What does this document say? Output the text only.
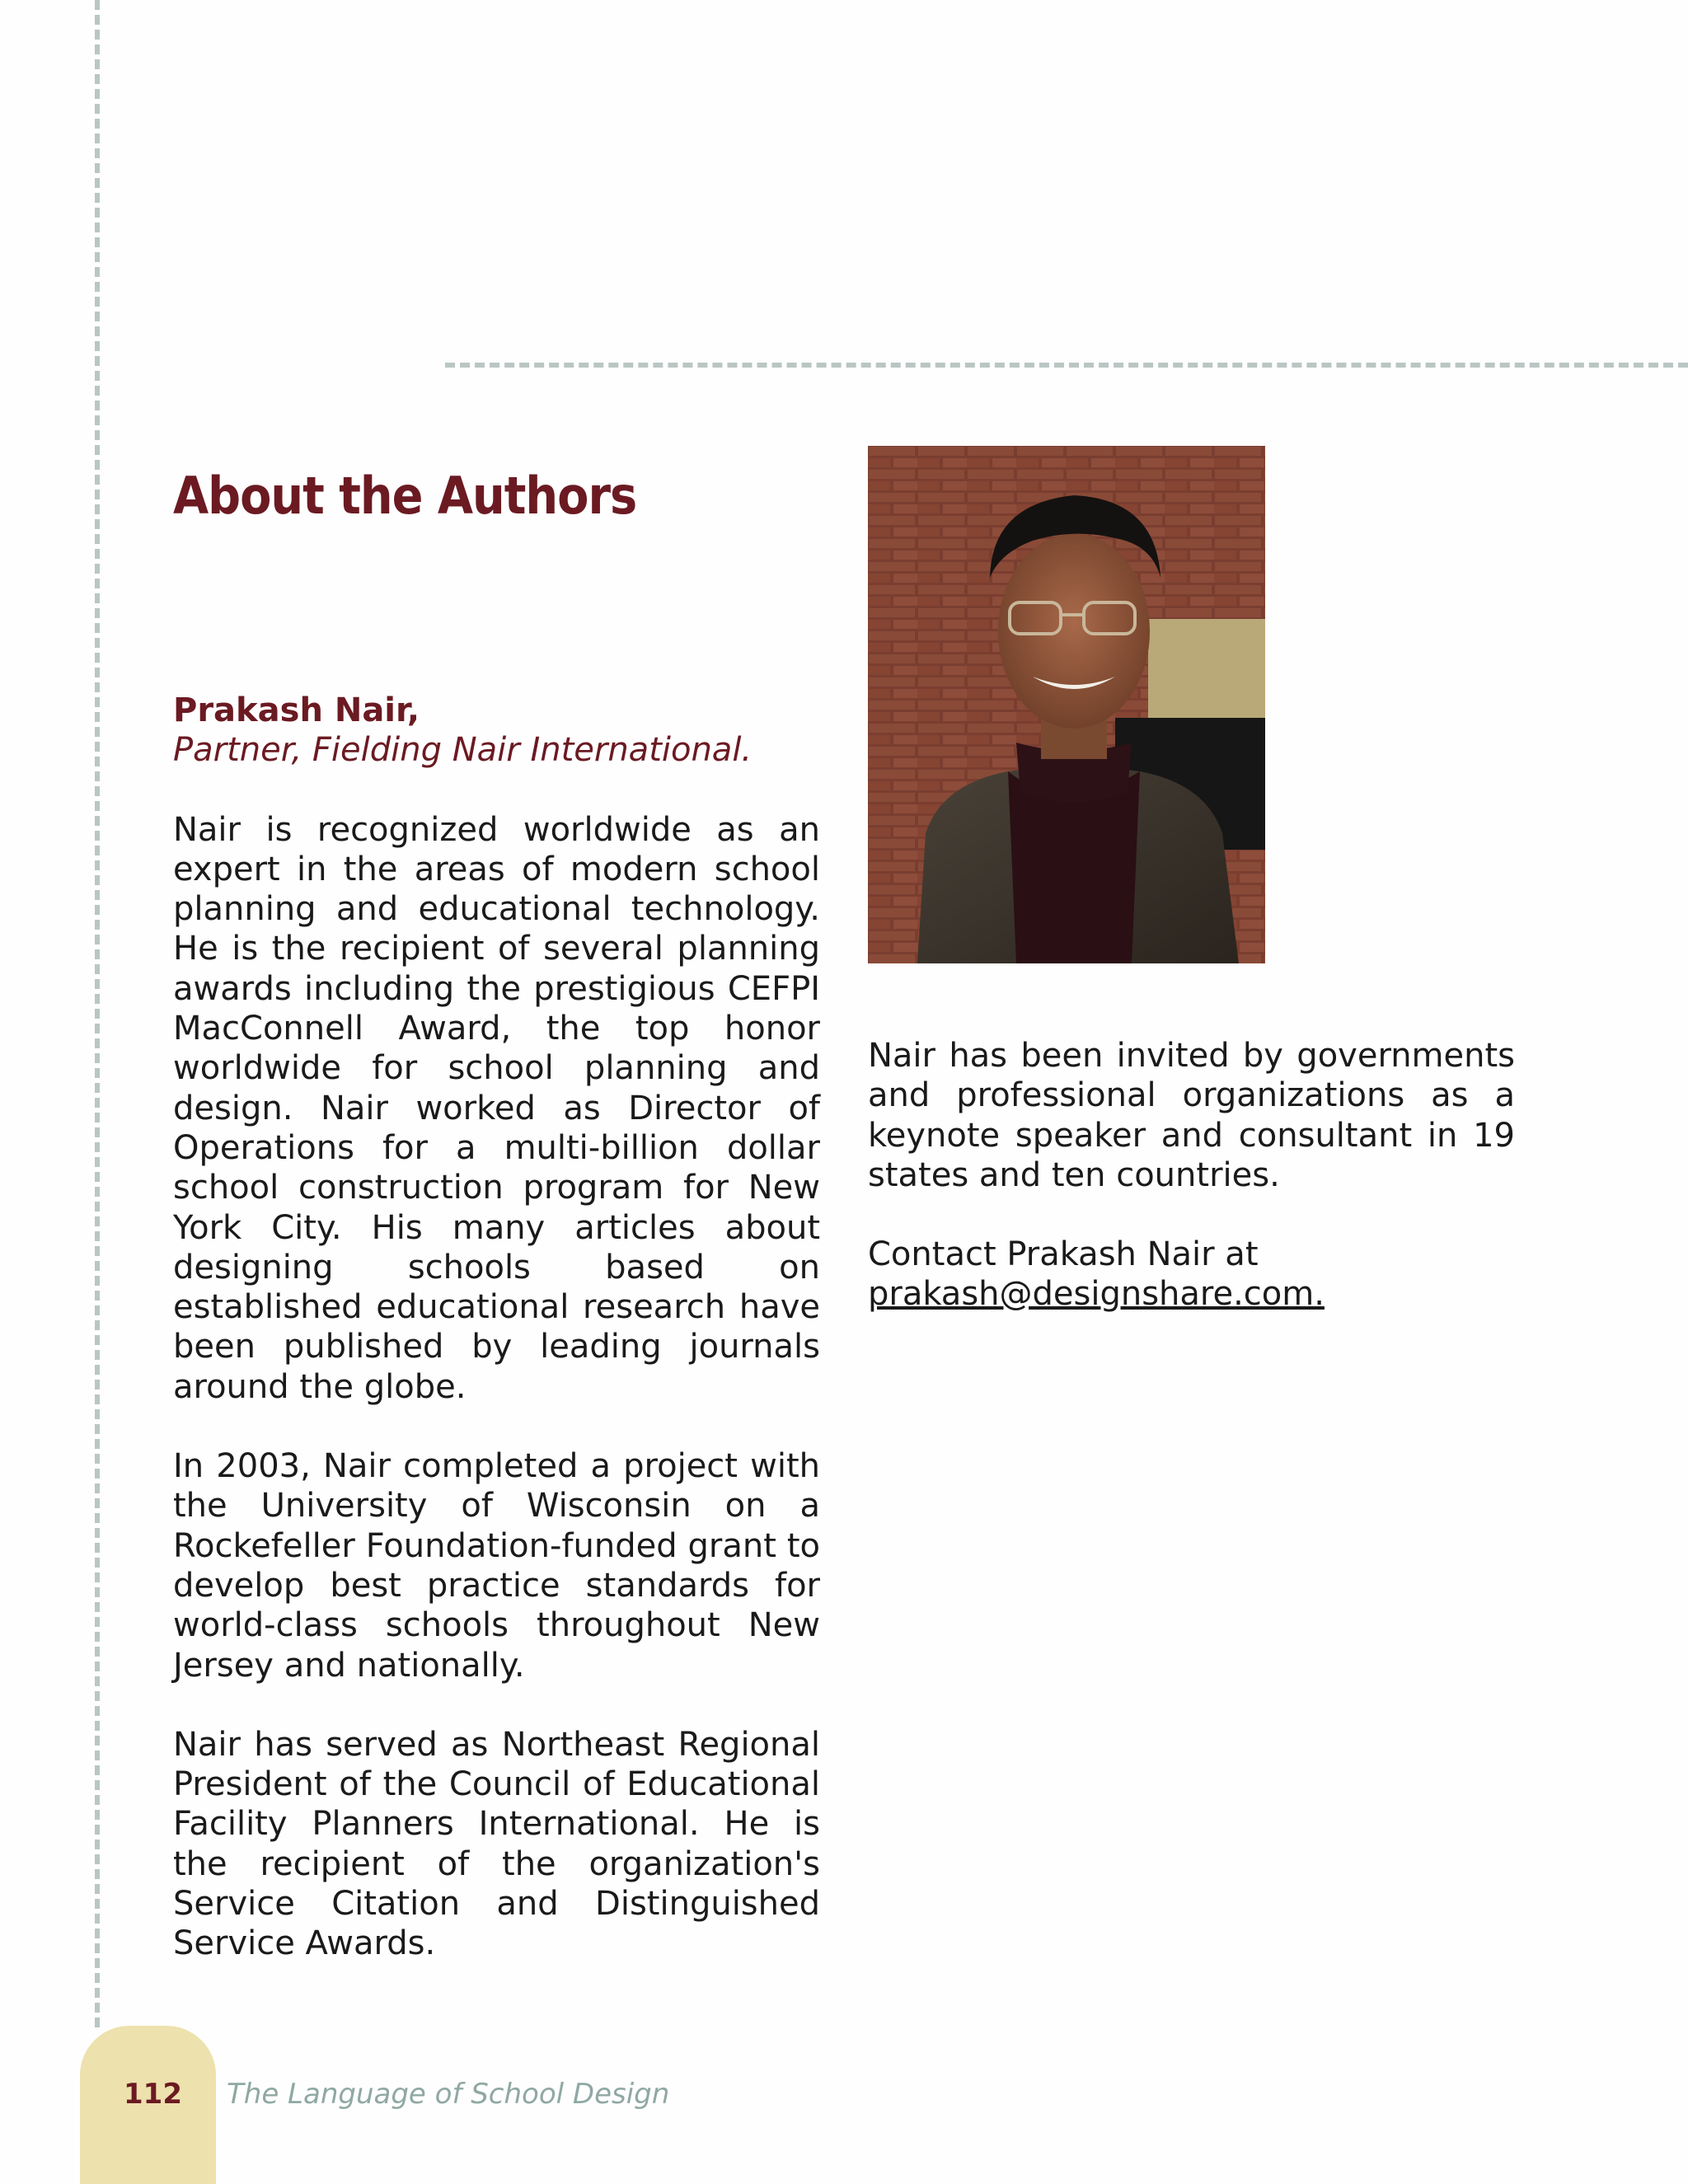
About the Authors
Prakash Nair,
Partner, Fielding Nair International.

Nair is recognized worldwide as an expert in the areas of modern school planning and educational technology. He is the recipient of several planning awards including the prestigious CEFPI MacConnell Award, the top honor worldwide for school planning and design. Nair worked as Director of Operations for a multi-billion dollar school construction program for New York City. His many articles about designing schools based on established educational research have been published by leading journals around the globe.

In 2003, Nair completed a project with the University of Wisconsin on a Rockefeller Foundation-funded grant to develop best practice standards for world-class schools throughout New Jersey and nationally.

Nair has served as Northeast Regional President of the Council of Educational Facility Planners International. He is the recipient of the organization's Service Citation and Distinguished Service Awards.

Nair has been invited by governments and professional organizations as a keynote speaker and consultant in 19 states and ten countries.

Contact Prakash Nair at
prakash@designshare.com.
112 The Language of School Design
